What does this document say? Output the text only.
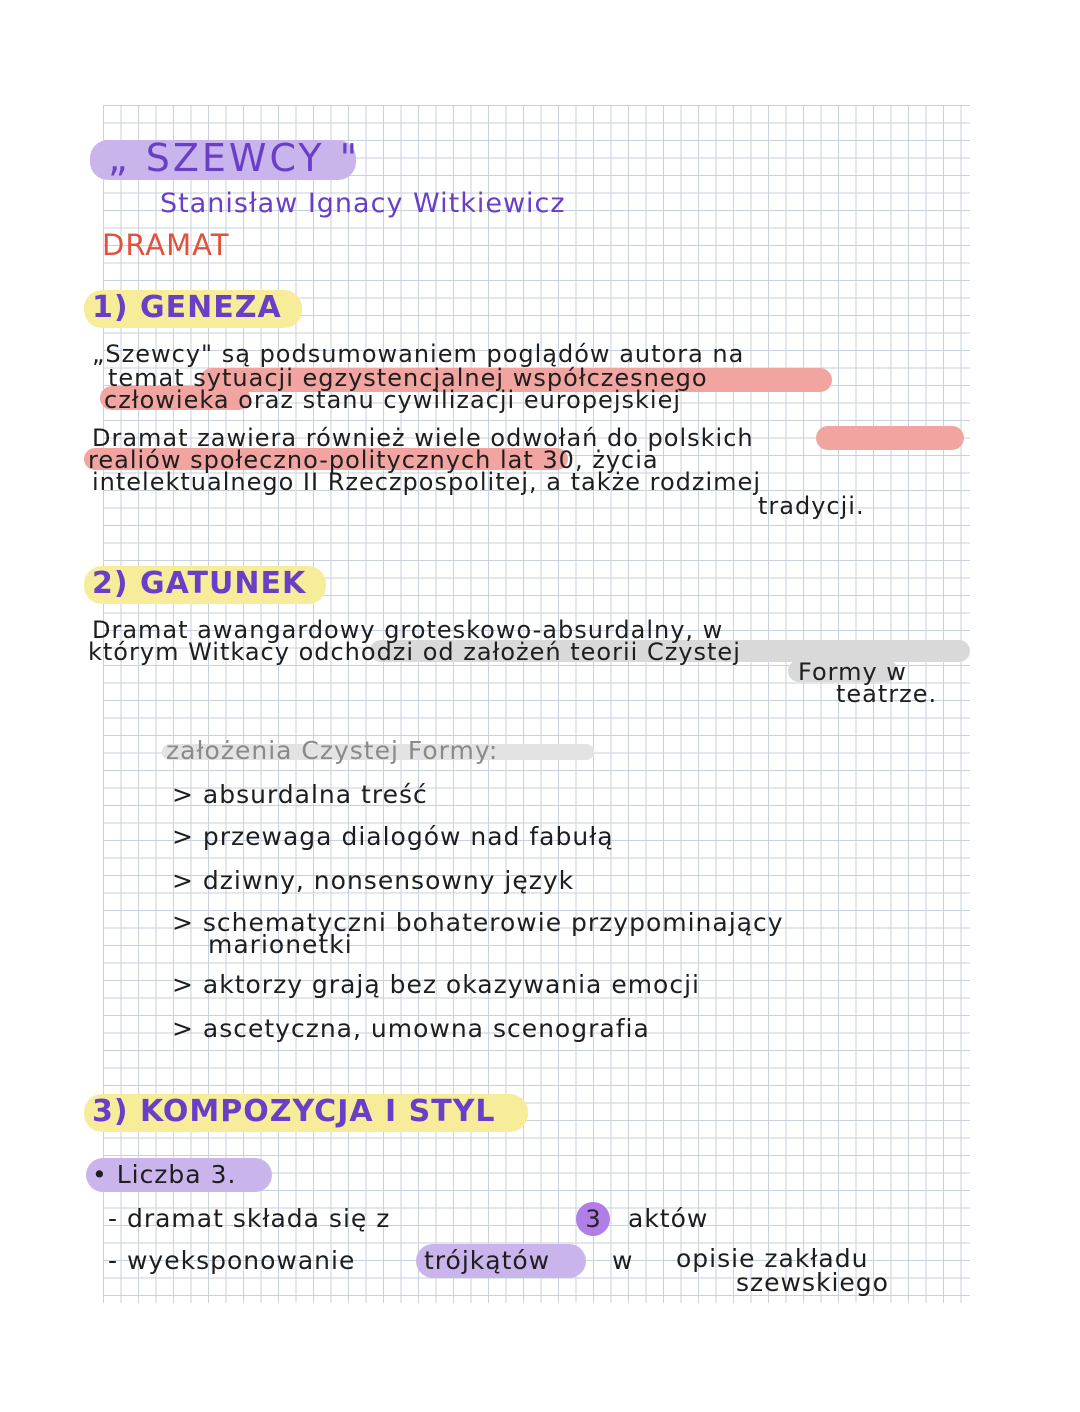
„ SZEWCY "
Stanisław Ignacy Witkiewicz
DRAMAT
1) GENEZA
„Szewcy" są podsumowaniem poglądów autora na
temat sytuacji egzystencjalnej współczesnego
człowieka oraz stanu cywilizacji europejskiej
Dramat zawiera również wiele odwołań do polskich
realiów społeczno-politycznych lat 30, życia
intelektualnego II Rzeczpospolitej, a także rodzimej
tradycji.
2) GATUNEK
Dramat awangardowy groteskowo-absurdalny, w
którym Witkacy odchodzi od założeń teorii Czystej
Formy w
teatrze.
założenia Czystej Formy:
> absurdalna treść
> przewaga dialogów nad fabułą
> dziwny, nonsensowny język
> schematyczni bohaterowie przypominający
marionetki
> aktorzy grają bez okazywania emocji
> ascetyczna, umowna scenografia
3) KOMPOZYCJA I STYL
• Liczba 3.
- dramat składa się z	3	aktów
- wyeksponowanie	trójkątów w opisie zakładu
szewskiego
